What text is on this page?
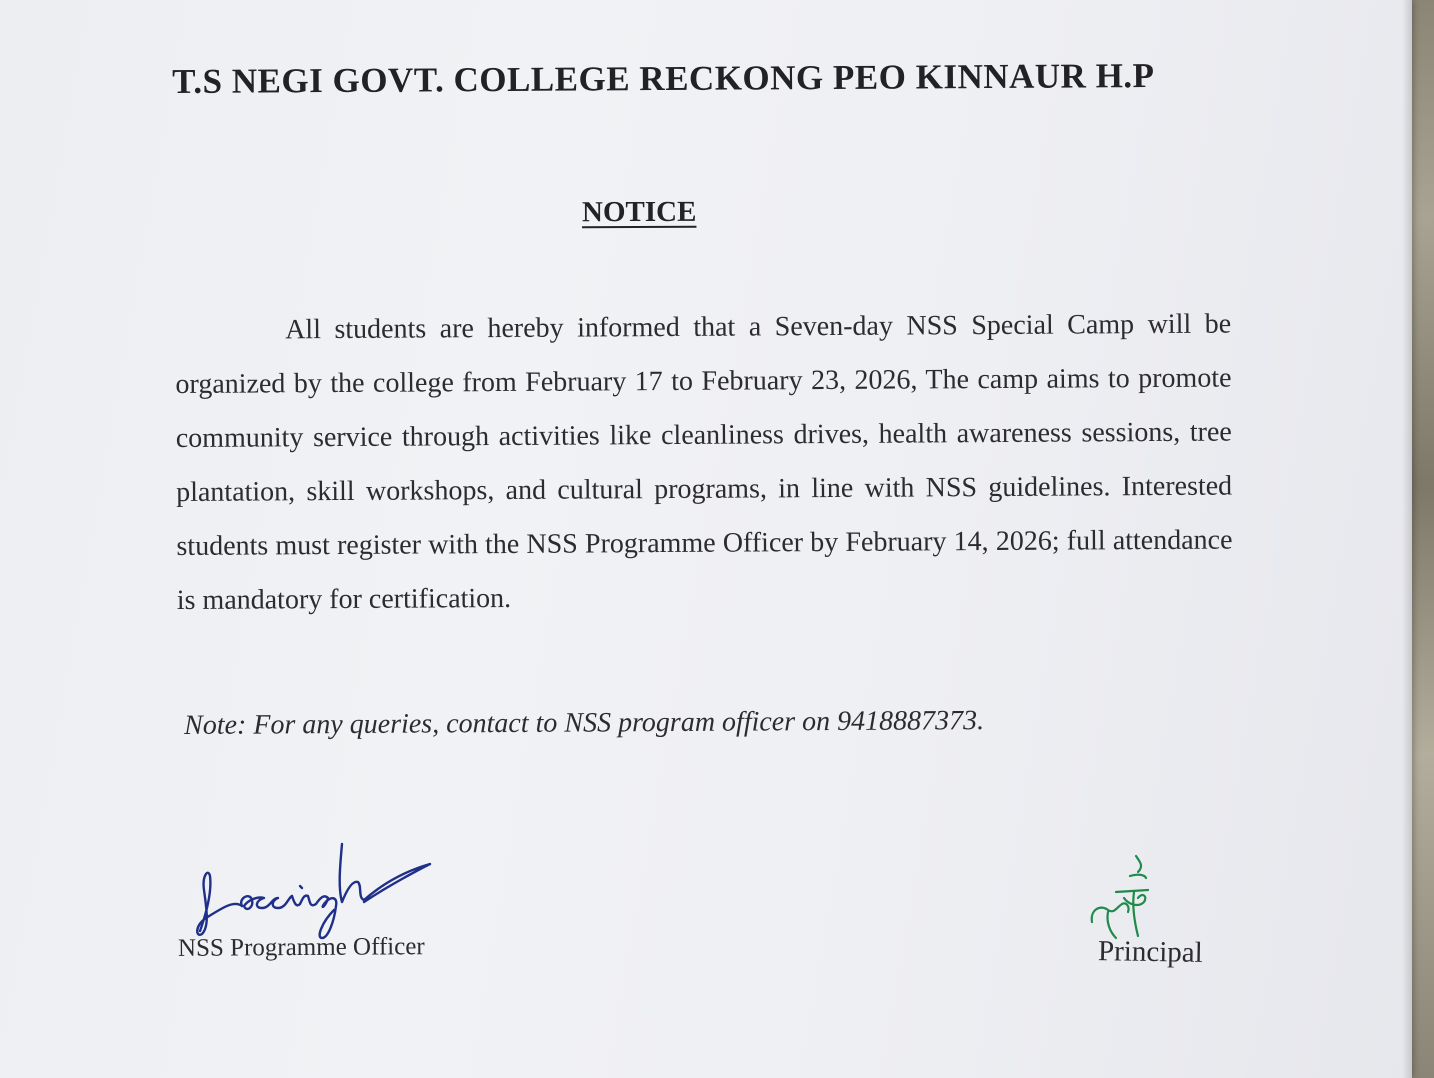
T.S NEGI GOVT. COLLEGE RECKONG PEO KINNAUR H.P
NOTICE

All students are hereby informed that a Seven-day NSS Special Camp will be organized by the college from February 17 to February 23, 2026, The camp aims to promote community service through activities like cleanliness drives, health awareness sessions, tree plantation, skill workshops, and cultural programs, in line with NSS guidelines. Interested students must register with the NSS Programme Officer by February 14, 2026; full attendance is mandatory for certification.

Note: For any queries, contact to NSS program officer on 9418887373.
NSS Programme Officer	Principal
